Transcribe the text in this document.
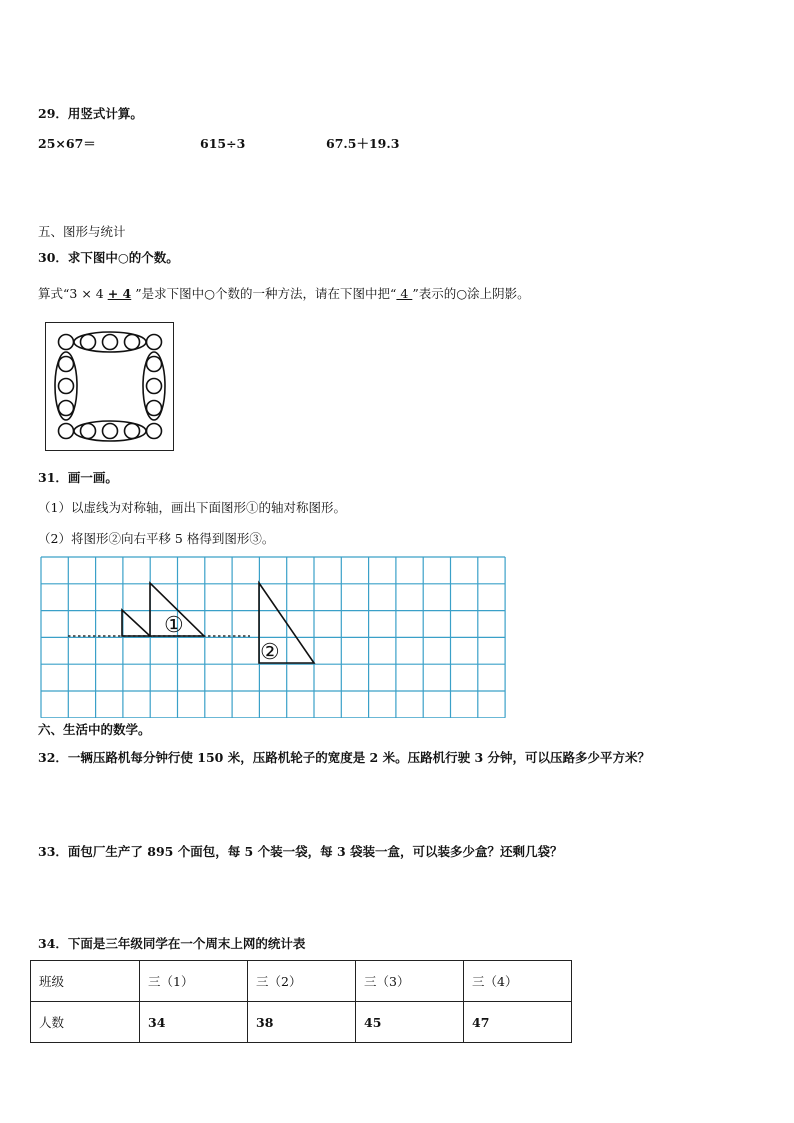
29．用竖式计算。
25×67＝	615÷3	67.5＋19.3
五、图形与统计
30．求下图中○的个数。
算式“3 × 4 + 4 ”是求下图中○个数的一种方法，请在下图中把“ 4 ”表示的○涂上阴影。
31．画一画。
（1）以虚线为对称轴，画出下面图形①的轴对称图形。
（2）将图形②向右平移 5 格得到图形③。
①
②
六、生活中的数学。
32．一辆压路机每分钟行使 150 米，压路机轮子的宽度是 2 米。压路机行驶 3 分钟，可以压路多少平方米？
33．面包厂生产了 895 个面包，每 5 个装一袋，每 3 袋装一盒，可以装多少盒？还剩几袋？
34．下面是三年级同学在一个周末上网的统计表
班级	三（1）	三（2）	三（3）	三（4）
人数	34	38	45	47
